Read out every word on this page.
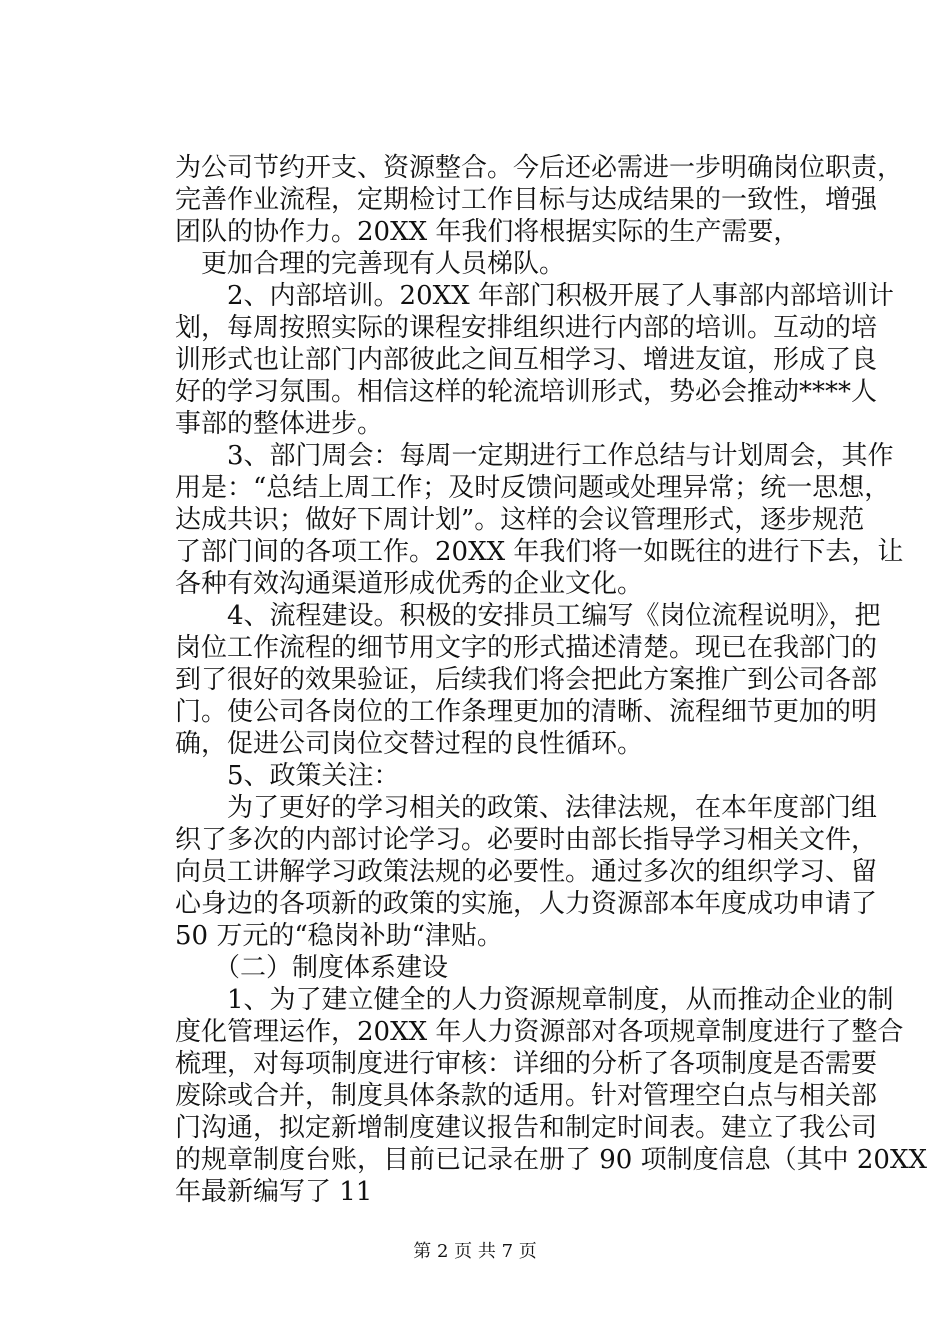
为公司节约开支、资源整合。今后还必需进一步明确岗位职责，
完善作业流程，定期检讨工作目标与达成结果的一致性，增强
团队的协作力。20XX 年我们将根据实际的生产需要，
　更加合理的完善现有人员梯队。
　　2、内部培训。20XX 年部门积极开展了人事部内部培训计
划，每周按照实际的课程安排组织进行内部的培训。互动的培
训形式也让部门内部彼此之间互相学习、增进友谊，形成了良
好的学习氛围。相信这样的轮流培训形式，势必会推动****人
事部的整体进步。
　　3、部门周会：每周一定期进行工作总结与计划周会，其作
用是：“总结上周工作；及时反馈问题或处理异常；统一思想，
达成共识；做好下周计划”。这样的会议管理形式，逐步规范
了部门间的各项工作。20XX 年我们将一如既往的进行下去，让
各种有效沟通渠道形成优秀的企业文化。
　　4、流程建设。积极的安排员工编写《岗位流程说明》，把
岗位工作流程的细节用文字的形式描述清楚。现已在我部门的
到了很好的效果验证，后续我们将会把此方案推广到公司各部
门。使公司各岗位的工作条理更加的清晰、流程细节更加的明
确，促进公司岗位交替过程的良性循环。
　　5、政策关注：
　　为了更好的学习相关的政策、法律法规，在本年度部门组
织了多次的内部讨论学习。必要时由部长指导学习相关文件，
向员工讲解学习政策法规的必要性。通过多次的组织学习、留
心身边的各项新的政策的实施，人力资源部本年度成功申请了
50 万元的“稳岗补助“津贴。
　　（二）制度体系建设
　　1、为了建立健全的人力资源规章制度，从而推动企业的制
度化管理运作，20XX 年人力资源部对各项规章制度进行了整合
梳理，对每项制度进行审核：详细的分析了各项制度是否需要
废除或合并，制度具体条款的适用。针对管理空白点与相关部
门沟通，拟定新增制度建议报告和制定时间表。建立了我公司
的规章制度台账，目前已记录在册了 90 项制度信息（其中 20XX
年最新编写了 11
第 2 页 共 7 页
